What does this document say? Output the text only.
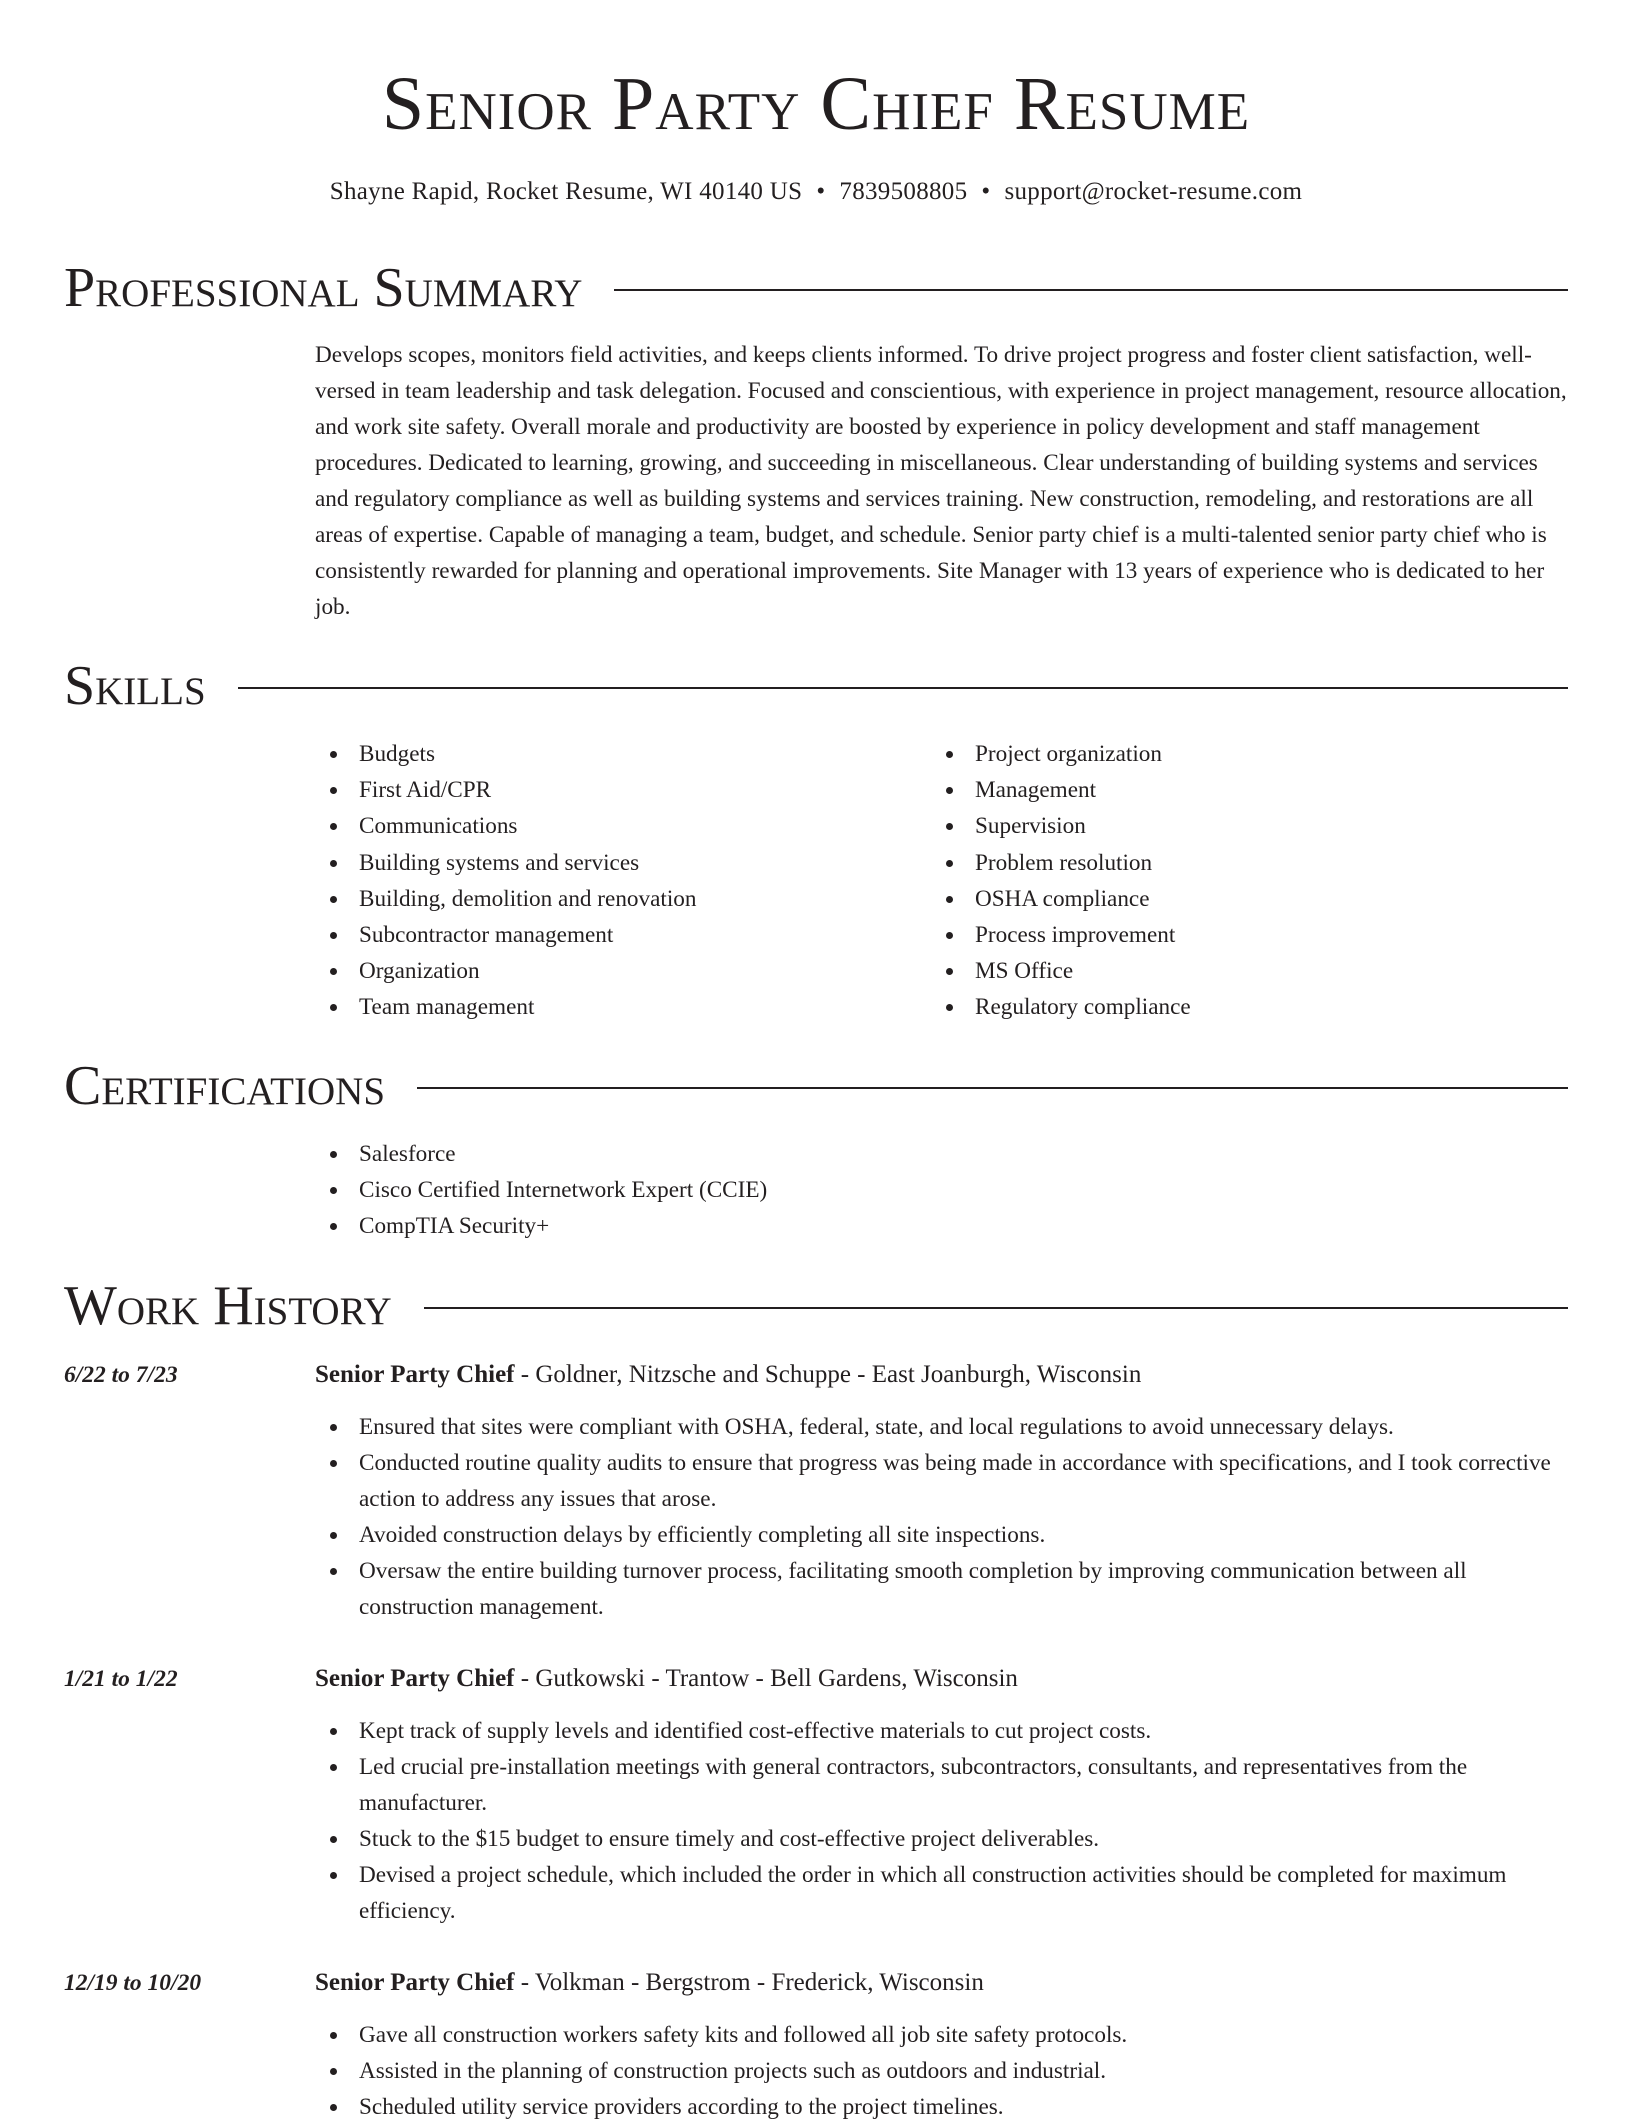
Senior Party Chief Resume
Shayne Rapid, Rocket Resume, WI 40140 US • 7839508805 • support@rocket-resume.com
Professional Summary

Develops scopes, monitors field activities, and keeps clients informed. To drive project progress and foster client satisfaction, well-versed in team leadership and task delegation. Focused and conscientious, with experience in project management, resource allocation, and work site safety. Overall morale and productivity are boosted by experience in policy development and staff management procedures. Dedicated to learning, growing, and succeeding in miscellaneous. Clear understanding of building systems and services and regulatory compliance as well as building systems and services training. New construction, remodeling, and restorations are all areas of expertise. Capable of managing a team, budget, and schedule. Senior party chief is a multi-talented senior party chief who is consistently rewarded for planning and operational improvements. Site Manager with 13 years of experience who is dedicated to her job.

Skills
Budgets
First Aid/CPR
Communications
Building systems and services
Building, demolition and renovation
Subcontractor management
Organization
Team management
Project organization
Management
Supervision
Problem resolution
OSHA compliance
Process improvement
MS Office
Regulatory compliance
Certifications
Salesforce
Cisco Certified Internetwork Expert (CCIE)
CompTIA Security+
Work History
6/22 to 7/23	Senior Party Chief - Goldner, Nitzsche and Schuppe - East Joanburgh, Wisconsin
Ensured that sites were compliant with OSHA, federal, state, and local regulations to avoid unnecessary delays.
Conducted routine quality audits to ensure that progress was being made in accordance with specifications, and I took corrective action to address any issues that arose.
Avoided construction delays by efficiently completing all site inspections.
Oversaw the entire building turnover process, facilitating smooth completion by improving communication between all construction management.
1/21 to 1/22	Senior Party Chief - Gutkowski - Trantow - Bell Gardens, Wisconsin
Kept track of supply levels and identified cost-effective materials to cut project costs.
Led crucial pre-installation meetings with general contractors, subcontractors, consultants, and representatives from the manufacturer.
Stuck to the $15 budget to ensure timely and cost-effective project deliverables.
Devised a project schedule, which included the order in which all construction activities should be completed for maximum efficiency.
12/19 to 10/20	Senior Party Chief - Volkman - Bergstrom - Frederick, Wisconsin
Gave all construction workers safety kits and followed all job site safety protocols.
Assisted in the planning of construction projects such as outdoors and industrial.
Scheduled utility service providers according to the project timelines.
